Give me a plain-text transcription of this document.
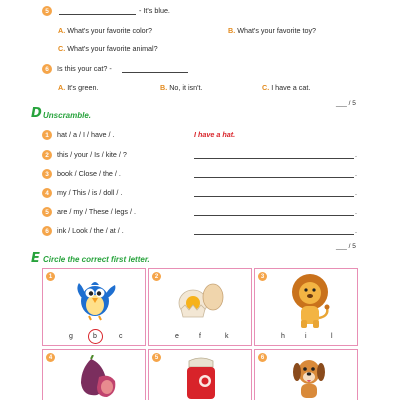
5	- It's blue.
A. What's your favorite color?	B. What's your favorite toy?
C. What's your favorite animal?
6	Is this your cat? -
A. It's green.	B. No, it isn't.	C. I have a cat.
___ / 5
D Unscramble.
1	hat / a / I / have / .	I have a hat.
2	this / your / Is / kite / ?	.
3	book / Close / the / .	.
4	my / This / is / doll / .	.
5	are / my / These / legs / .	.
6	ink / Look / the / at / .	.
___ / 5
E Circle the correct first letter.
1
g	b	c
2
e	f	k
3
h	i	l
4	5	6
